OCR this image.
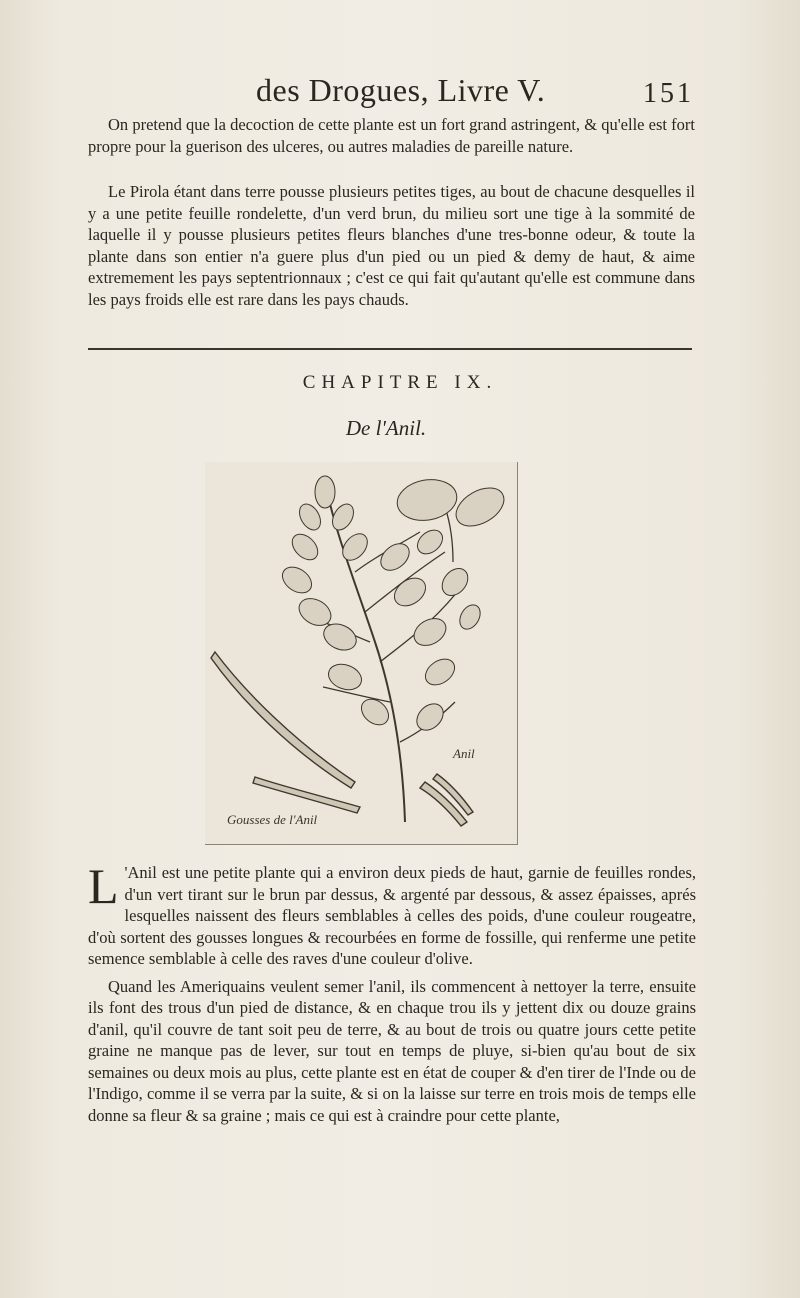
des Drogues, Livre V.	151

On pretend que la decoction de cette plante est un fort grand astringent, & qu'elle est fort propre pour la guerison des ulceres, ou autres maladies de pareille nature.

Le Pirola étant dans terre pousse plusieurs petites tiges, au bout de chacune desquelles il y a une petite feuille rondelette, d'un verd brun, du milieu sort une tige à la sommité de laquelle il y pousse plusieurs petites fleurs blanches d'une tres-bonne odeur, & toute la plante dans son entier n'a guere plus d'un pied ou un pied & demy de haut, & aime extremement les pays septentrionnaux ; c'est ce qui fait qu'autant qu'elle est commune dans les pays froids elle est rare dans les pays chauds.

CHAPITRE IX.
De l'Anil.
Anil
Gousses de l'Anil

L 'Anil est une petite plante qui a environ deux pieds de haut, garnie de feuilles rondes, d'un vert tirant sur le brun par dessus, & argenté par dessous, & assez épaisses, aprés lesquelles naissent des fleurs semblables à celles des poids, d'une couleur rougeatre, d'où sortent des gousses longues & recourbées en forme de fossille, qui renferme une petite semence semblable à celle des raves d'une couleur d'olive.

Quand les Ameriquains veulent semer l'anil, ils commencent à nettoyer la terre, ensuite ils font des trous d'un pied de distance, & en chaque trou ils y jettent dix ou douze grains d'anil, qu'il couvre de tant soit peu de terre, & au bout de trois ou quatre jours cette petite graine ne manque pas de lever, sur tout en temps de pluye, si-bien qu'au bout de six semaines ou deux mois au plus, cette plante est en état de couper & d'en tirer de l'Inde ou de l'Indigo, comme il se verra par la suite, & si on la laisse sur terre en trois mois de temps elle donne sa fleur & sa graine ; mais ce qui est à craindre pour cette plante,
